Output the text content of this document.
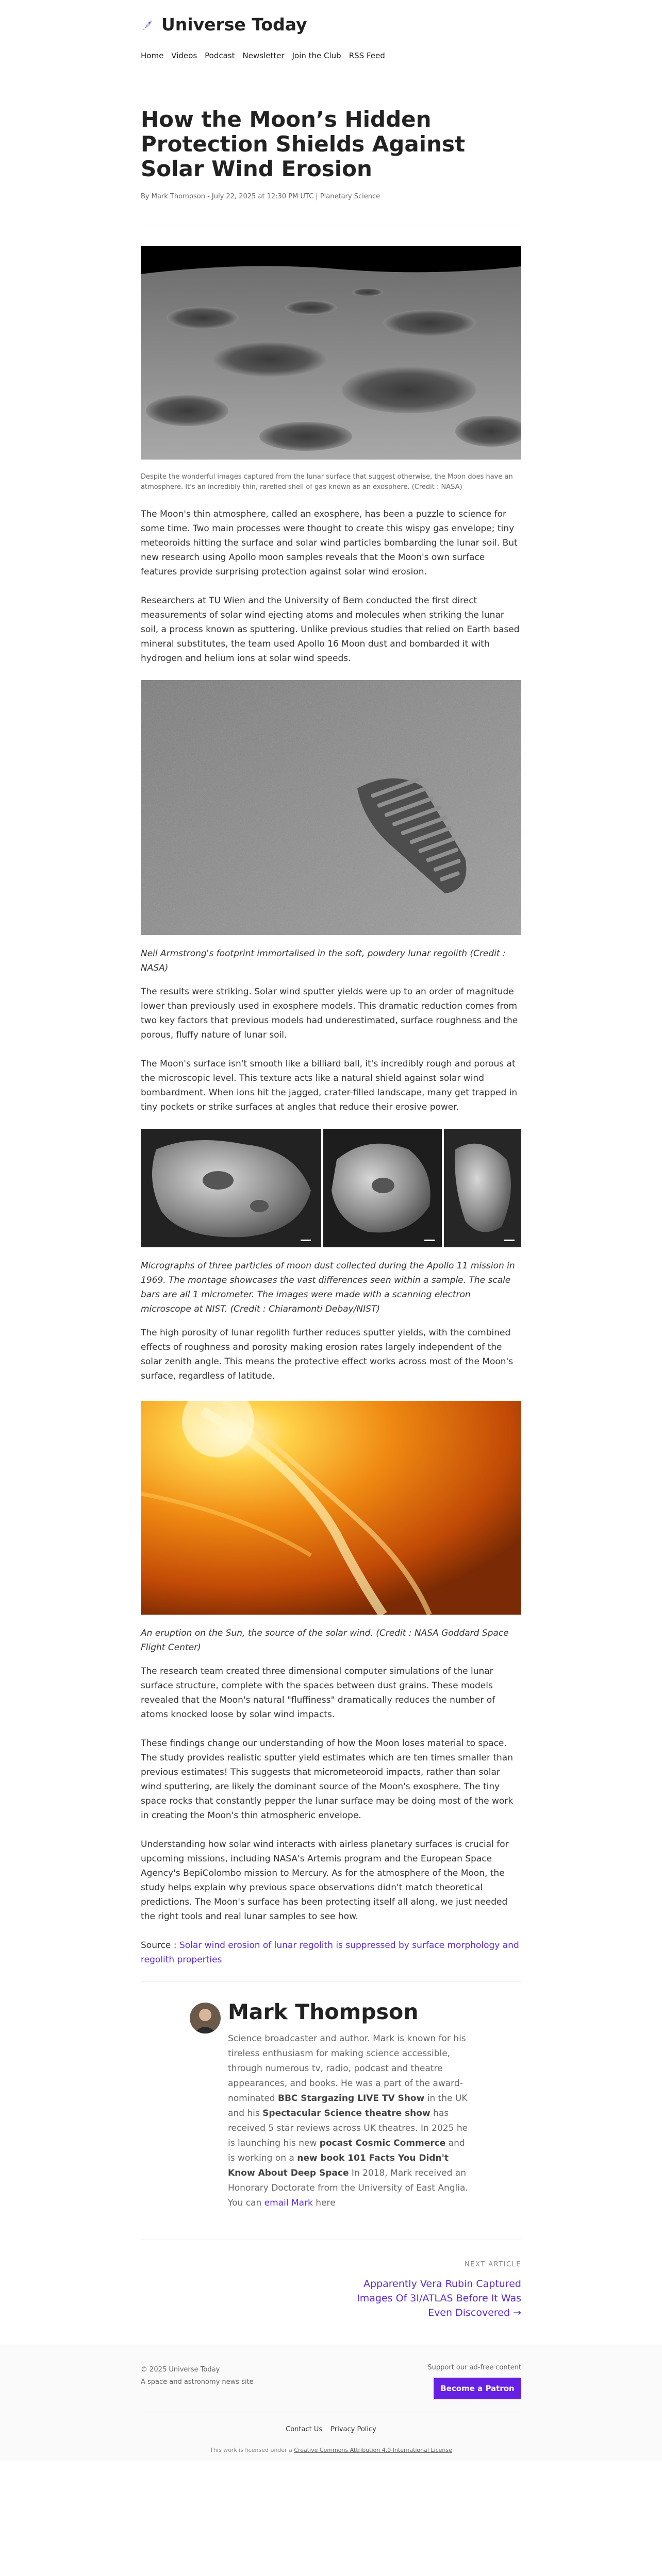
Universe Today
Home Videos Podcast Newsletter Join the Club RSS Feed
How the Moon’s Hidden Protection Shields Against Solar Wind Erosion
By Mark Thompson - July 22, 2025 at 12:30 PM UTC | Planetary Science
Despite the wonderful images captured from the lunar surface that suggest otherwise, the Moon does have an atmosphere. It's an incredibly thin, rarefied shell of gas known as an exosphere. (Credit : NASA)

The Moon's thin atmosphere, called an exosphere, has been a puzzle to science for some time. Two main processes were thought to create this wispy gas envelope; tiny meteoroids hitting the surface and solar wind particles bombarding the lunar soil. But new research using Apollo moon samples reveals that the Moon's own surface features provide surprising protection against solar wind erosion.

Researchers at TU Wien and the University of Bern conducted the first direct measurements of solar wind ejecting atoms and molecules when striking the lunar soil, a process known as sputtering. Unlike previous studies that relied on Earth based mineral substitutes, the team used Apollo 16 Moon dust and bombarded it with hydrogen and helium ions at solar wind speeds.

Neil Armstrong's footprint immortalised in the soft, powdery lunar regolith (Credit : NASA)

The results were striking. Solar wind sputter yields were up to an order of magnitude lower than previously used in exosphere models. This dramatic reduction comes from two key factors that previous models had underestimated, surface roughness and the porous, fluffy nature of lunar soil.

The Moon's surface isn't smooth like a billiard ball, it's incredibly rough and porous at the microscopic level. This texture acts like a natural shield against solar wind bombardment. When ions hit the jagged, crater-filled landscape, many get trapped in tiny pockets or strike surfaces at angles that reduce their erosive power.

Micrographs of three particles of moon dust collected during the Apollo 11 mission in 1969. The montage showcases the vast differences seen within a sample. The scale bars are all 1 micrometer. The images were made with a scanning electron microscope at NIST. (Credit : Chiaramonti Debay/NIST)

The high porosity of lunar regolith further reduces sputter yields, with the combined effects of roughness and porosity making erosion rates largely independent of the solar zenith angle. This means the protective effect works across most of the Moon's surface, regardless of latitude.

An eruption on the Sun, the source of the solar wind. (Credit : NASA Goddard Space Flight Center)

The research team created three dimensional computer simulations of the lunar surface structure, complete with the spaces between dust grains. These models revealed that the Moon's natural "fluffiness" dramatically reduces the number of atoms knocked loose by solar wind impacts.

These findings change our understanding of how the Moon loses material to space. The study provides realistic sputter yield estimates which are ten times smaller than previous estimates! This suggests that micrometeoroid impacts, rather than solar wind sputtering, are likely the dominant source of the Moon's exosphere. The tiny space rocks that constantly pepper the lunar surface may be doing most of the work in creating the Moon's thin atmospheric envelope.

Understanding how solar wind interacts with airless planetary surfaces is crucial for upcoming missions, including NASA's Artemis program and the European Space Agency's BepiColombo mission to Mercury. As for the atmosphere of the Moon, the study helps explain why previous space observations didn't match theoretical predictions. The Moon's surface has been protecting itself all along, we just needed the right tools and real lunar samples to see how.

Source : Solar wind erosion of lunar regolith is suppressed by surface morphology and regolith properties

Mark Thompson
Science broadcaster and author. Mark is known for his tireless enthusiasm for making science accessible, through numerous tv, radio, podcast and theatre appearances, and books. He was a part of the award-nominated BBC Stargazing LIVE TV Show in the UK and his Spectacular Science theatre show has received 5 star reviews across UK theatres. In 2025 he is launching his new pocast Cosmic Commerce and is working on a new book 101 Facts You Didn't Know About Deep Space In 2018, Mark received an Honorary Doctorate from the University of East Anglia.
You can email Mark here
NEXT ARTICLE
Apparently Vera Rubin Captured Images Of 3I/ATLAS Before It Was Even Discovered →
© 2025 Universe Today
A space and astronomy news site
Support our ad-free content
Become a Patron
Contact Us Privacy Policy
This work is licensed under a Creative Commons Attribution 4.0 International License
